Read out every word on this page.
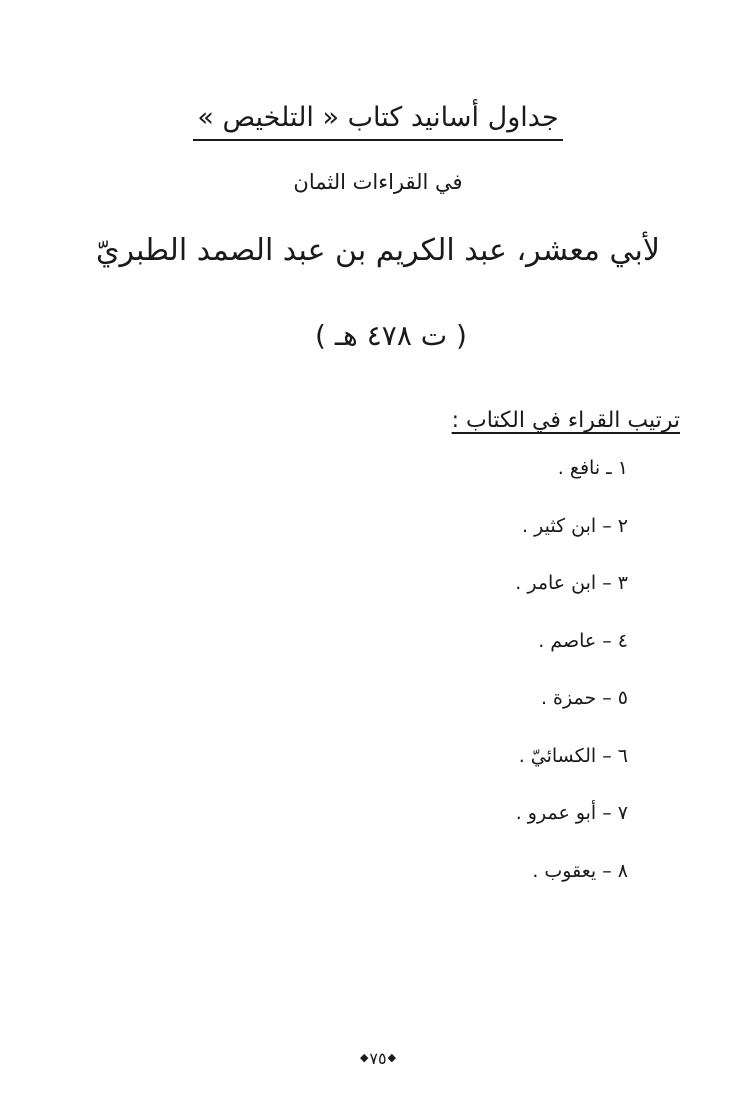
جداول أسانيد كتاب « التلخيص »
في القراءات الثمان
لأبي معشر، عبد الكريم بن عبد الصمد الطبريّ
( ت ٤٧٨ هـ )
ترتيب القراء في الكتاب :
١ ـ نافع .
٢ – ابن كثير .
٣ – ابن عامر .
٤ – عاصم .
٥ – حمزة .
٦ – الكسائيّ .
٧ – أبو عمرو .
٨ – يعقوب .
◆٧٥◆
